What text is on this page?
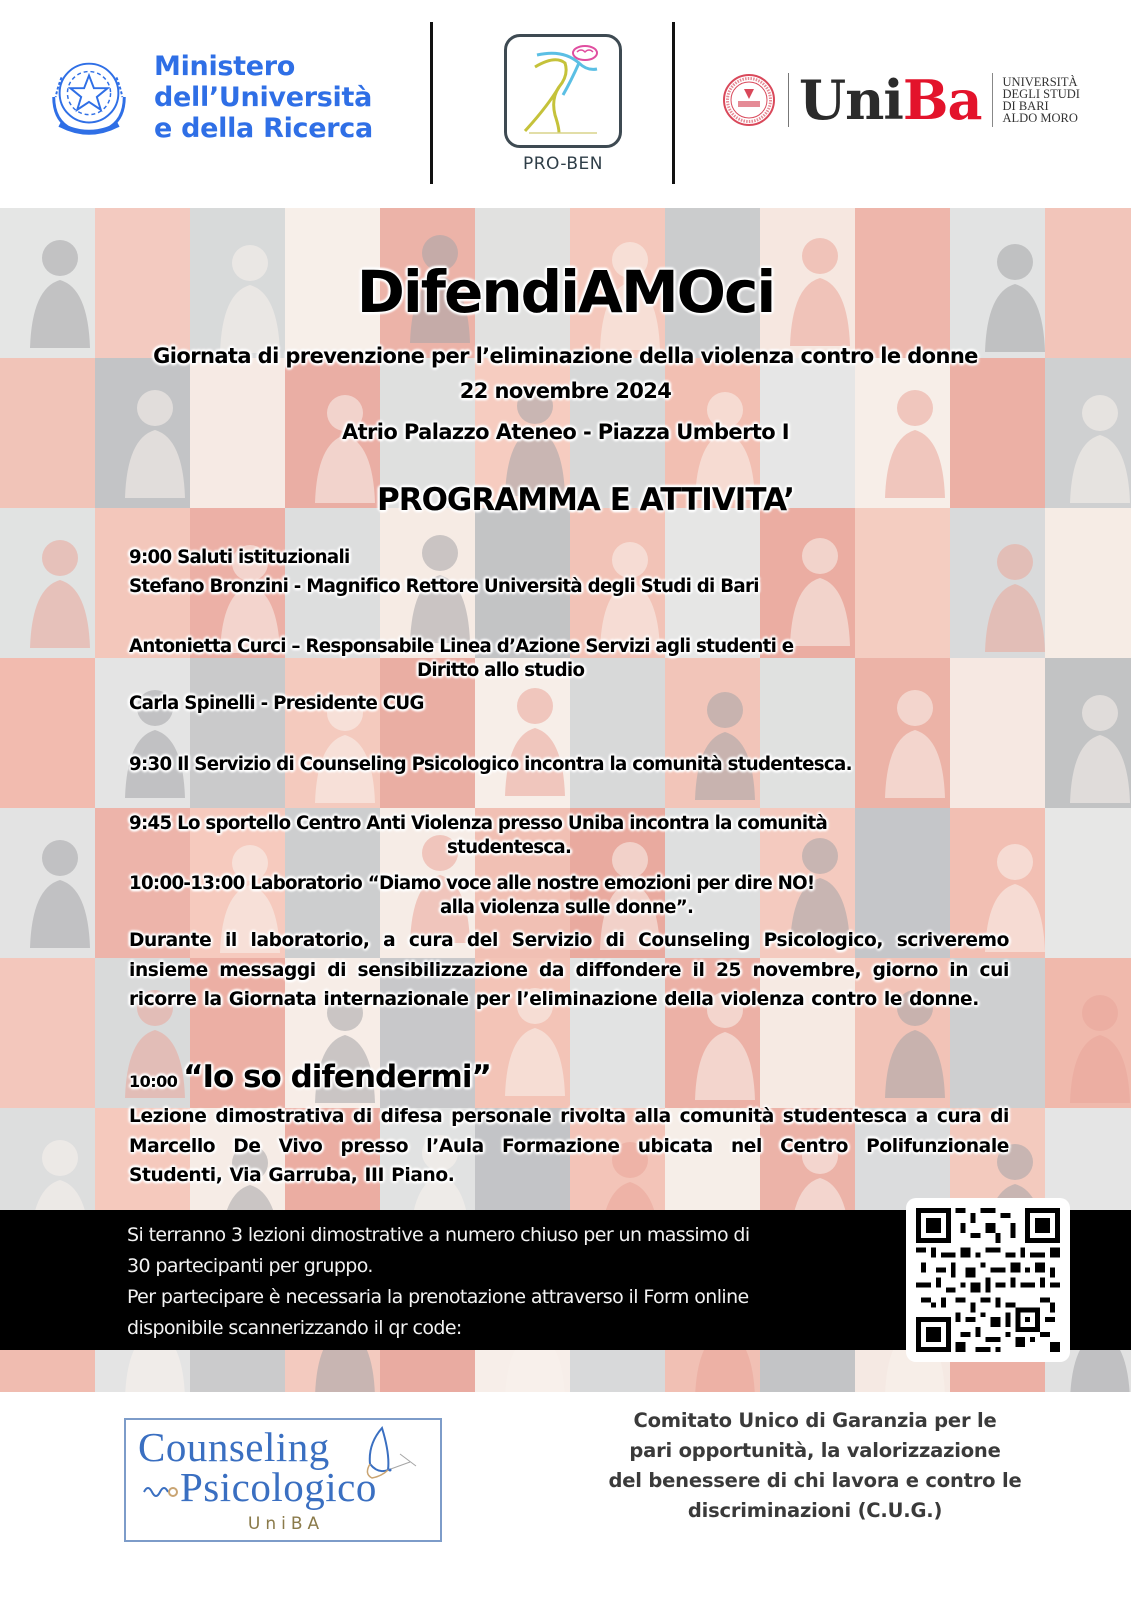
Ministero
dell’Università
e della Ricerca
PRO-BEN
UniBa UNIVERSITÀ
DEGLI STUDI
DI BARI
ALDO MORO
DifendiAMOci
Giornata di prevenzione per l’eliminazione della violenza contro le donne
22 novembre 2024
Atrio Palazzo Ateneo - Piazza Umberto I
PROGRAMMA E ATTIVITA’
9:00 Saluti istituzionali
Stefano Bronzini - Magnifico Rettore Università degli Studi di Bari
Antonietta Curci – Responsabile Linea d’Azione Servizi agli studenti e
Diritto allo studio
Carla Spinelli - Presidente CUG
9:30 Il Servizio di Counseling Psicologico incontra la comunità studentesca.
9:45 Lo sportello Centro Anti Violenza presso Uniba incontra la comunità
studentesca.
10:00-13:00 Laboratorio “Diamo voce alle nostre emozioni per dire NO!
alla violenza sulle donne”.
Durante il laboratorio, a cura del Servizio di Counseling Psicologico, scriveremo insieme messaggi di sensibilizzazione da diffondere il 25 novembre, giorno in cui ricorre la Giornata internazionale per l’eliminazione della violenza contro le donne.
10:00 “Io so difendermi”
Lezione dimostrativa di difesa personale rivolta alla comunità studentesca a cura di Marcello De Vivo presso l’Aula Formazione ubicata nel Centro Polifunzionale Studenti, Via Garruba, III Piano.
Si terranno 3 lezioni dimostrative a numero chiuso per un massimo di
30 partecipanti per gruppo.
Per partecipare è necessaria la prenotazione attraverso il Form online
disponibile scannerizzando il qr code:
Counseling
Psicologico
UniBA
Comitato Unico di Garanzia per le
pari opportunità, la valorizzazione
del benessere di chi lavora e contro le
discriminazioni (C.U.G.)
